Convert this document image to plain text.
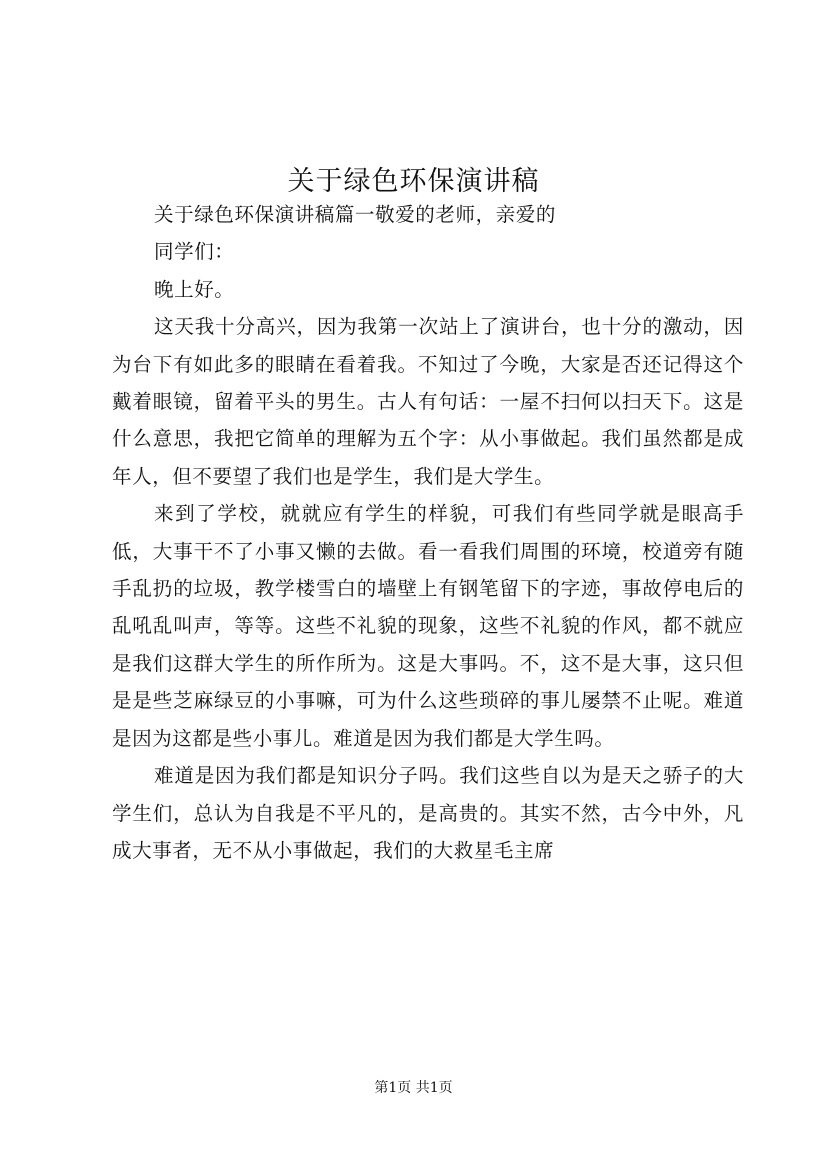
关于绿色环保演讲稿

关于绿色环保演讲稿篇一敬爱的老师，亲爱的

同学们：

晚上好。

这天我十分高兴，因为我第一次站上了演讲台，也十分的激动，因为台下有如此多的眼睛在看着我。不知过了今晚，大家是否还记得这个戴着眼镜，留着平头的男生。古人有句话：一屋不扫何以扫天下。这是什么意思，我把它简单的理解为五个字：从小事做起。我们虽然都是成年人，但不要望了我们也是学生，我们是大学生。

来到了学校，就就应有学生的样貌，可我们有些同学就是眼高手低，大事干不了小事又懒的去做。看一看我们周围的环境，校道旁有随手乱扔的垃圾，教学楼雪白的墙壁上有钢笔留下的字迹，事故停电后的乱吼乱叫声，等等。这些不礼貌的现象，这些不礼貌的作风，都不就应是我们这群大学生的所作所为。这是大事吗。不，这不是大事，这只但是是些芝麻绿豆的小事嘛，可为什么这些琐碎的事儿屡禁不止呢。难道是因为这都是些小事儿。难道是因为我们都是大学生吗。

难道是因为我们都是知识分子吗。我们这些自以为是天之骄子的大学生们，总认为自我是不平凡的，是高贵的。其实不然，古今中外，凡成大事者，无不从小事做起，我们的大救星毛主席

第1页 共1页
